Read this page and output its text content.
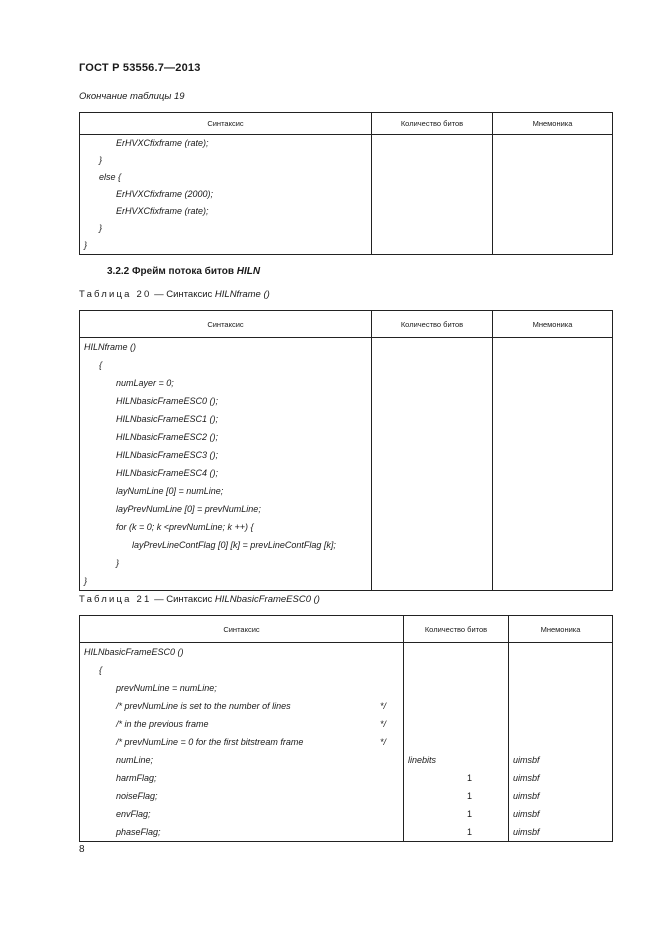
ГОСТ Р 53556.7—2013
Окончание таблицы 19
Синтаксис	Количество битов	Мнемоника
ErHVXCfixframe (rate);		
}		
else {		
ErHVXCfixframe (2000);		
ErHVXCfixframe (rate);		
}		
}		
3.2.2 Фрейм потока битов HILN
Таблица 20 — Синтаксис HILNframe ()
Синтаксис	Количество битов	Мнемоника
HILNframe ()		
{		
numLayer = 0;		
HILNbasicFrameESC0 ();		
HILNbasicFrameESC1 ();		
HILNbasicFrameESC2 ();		
HILNbasicFrameESC3 ();		
HILNbasicFrameESC4 ();		
layNumLine [0] = numLine;		
layPrevNumLine [0] = prevNumLine;		
for (k = 0; k <prevNumLine; k ++) {		
layPrevLineContFlag [0] [k] = prevLineContFlag [k];		
}		
}		
Таблица 21 — Синтаксис HILNbasicFrameESC0 ()
Синтаксис	Количество битов	Мнемоника
HILNbasicFrameESC0 ()		
{		
prevNumLine = numLine;		
/* prevNumLine is set to the number of lines */		

/* in the previous frame */		

/* prevNumLine = 0 for the first bitstream frame */		

numLine;	linebits	uimsbf
harmFlag;	1	uimsbf
noiseFlag;	1	uimsbf
envFlag;	1	uimsbf
phaseFlag;	1	uimsbf
8
